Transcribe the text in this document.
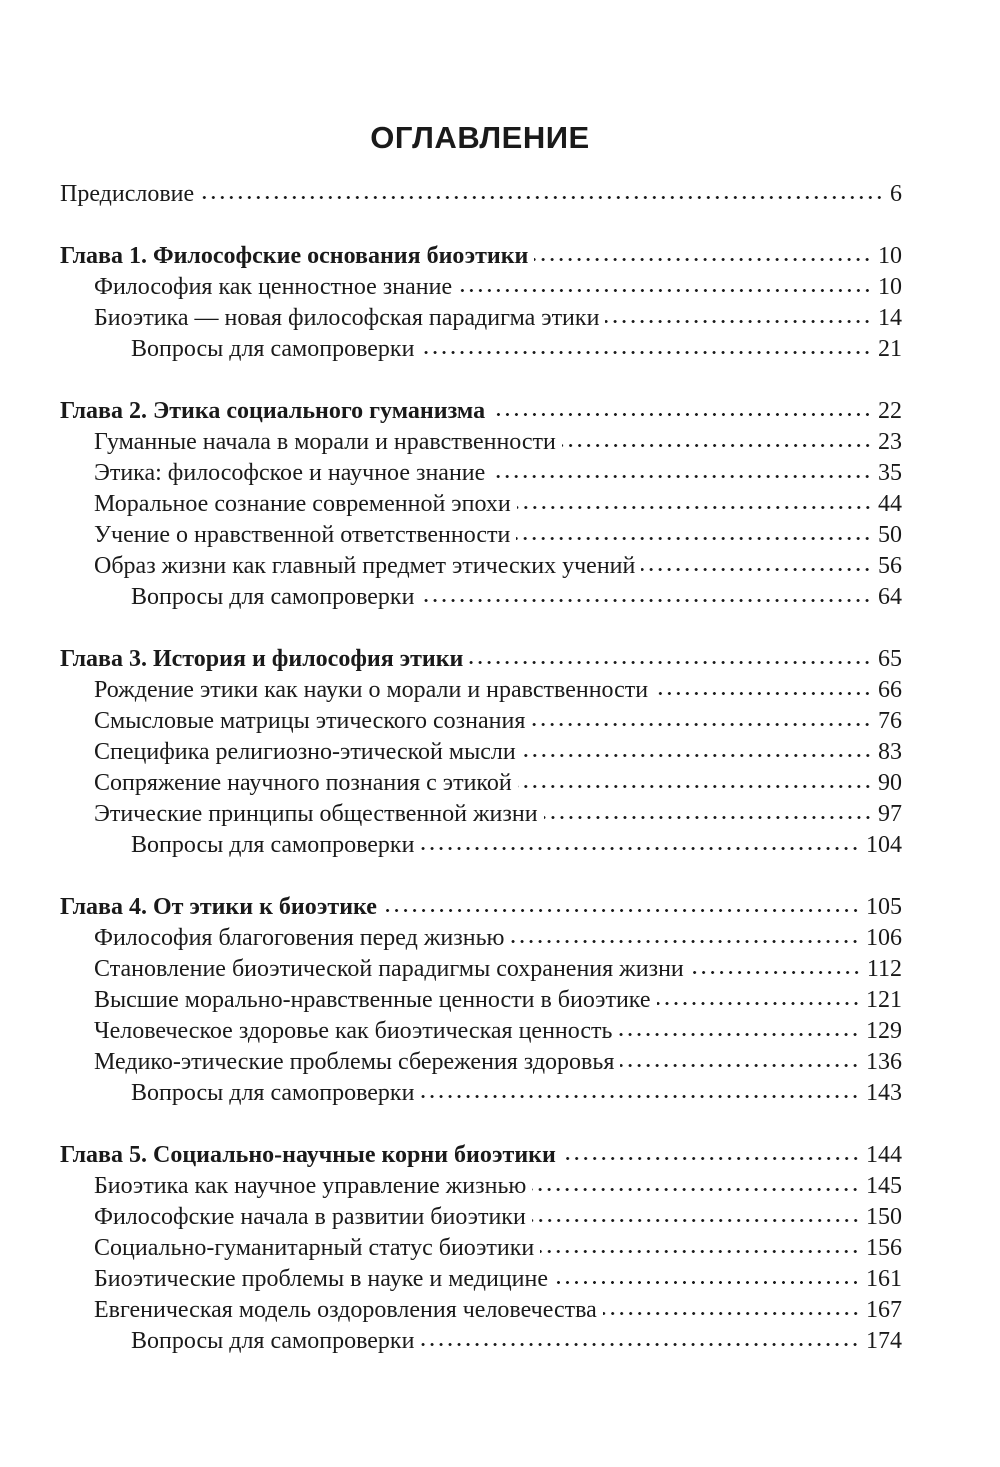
ОГЛАВЛЕНИЕ
Предисловие	6
Глава 1. Философские основания биоэтики	10
Философия как ценностное знание	10
Биоэтика — новая философская парадигма этики	14
Вопросы для самопроверки	21
Глава 2. Этика социального гуманизма	22
Гуманные начала в морали и нравственности	23
Этика: философское и научное знание	35
Моральное сознание современной эпохи	44
Учение о нравственной ответственности	50
Образ жизни как главный предмет этических учений	56
Вопросы для самопроверки	64
Глава 3. История и философия этики	65
Рождение этики как науки о морали и нравственности	66
Смысловые матрицы этического сознания	76
Специфика религиозно-этической мысли	83
Сопряжение научного познания с этикой	90
Этические принципы общественной жизни	97
Вопросы для самопроверки	104
Глава 4. От этики к биоэтике	105
Философия благоговения перед жизнью	106
Становление биоэтической парадигмы сохранения жизни	112
Высшие морально-нравственные ценности в биоэтике	121
Человеческое здоровье как биоэтическая ценность	129
Медико-этические проблемы сбережения здоровья	136
Вопросы для самопроверки	143
Глава 5. Социально-научные корни биоэтики	144
Биоэтика как научное управление жизнью	145
Философские начала в развитии биоэтики	150
Социально-гуманитарный статус биоэтики	156
Биоэтические проблемы в науке и медицине	161
Евгеническая модель оздоровления человечества	167
Вопросы для самопроверки	174
